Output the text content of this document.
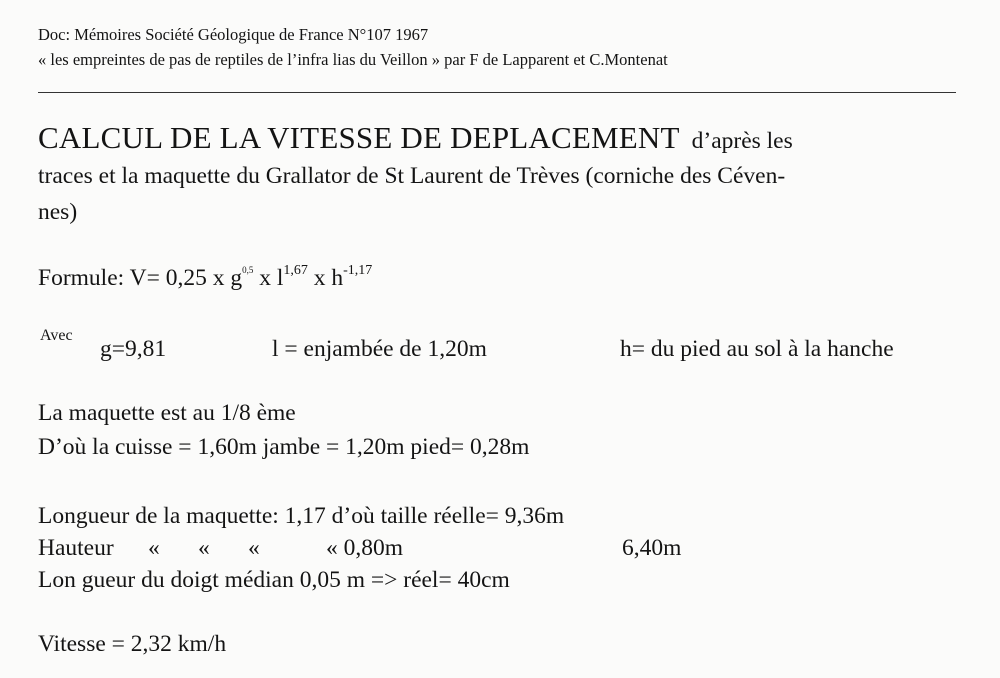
Doc: Mémoires Société Géologique de France N°107 1967
« les empreintes de pas de reptiles de l’infra lias du Veillon » par F de Lapparent et C.Montenat
CALCUL DE LA VITESSE DE DEPLACEMENT d’après les
traces et la maquette du Grallator de St Laurent de Trèves (corniche des Céven-
nes)
Formule: V= 0,25 x $g^{0,5}$ x $l^{1,67}$ x $h^{-1,17}$
Avec
g=9,81	l = enjambée de 1,20m	h= du pied au sol à la hanche
La maquette est au 1/8 ème
D’où la cuisse = 1,60m jambe = 1,20m pied= 0,28m
Longueur de la maquette: 1,17 d’où taille réelle= 9,36m
Hauteur « « «	« 0,80m	6,40m
Lon gueur du doigt médian 0,05 m => réel= 40cm
Vitesse = 2,32 km/h
